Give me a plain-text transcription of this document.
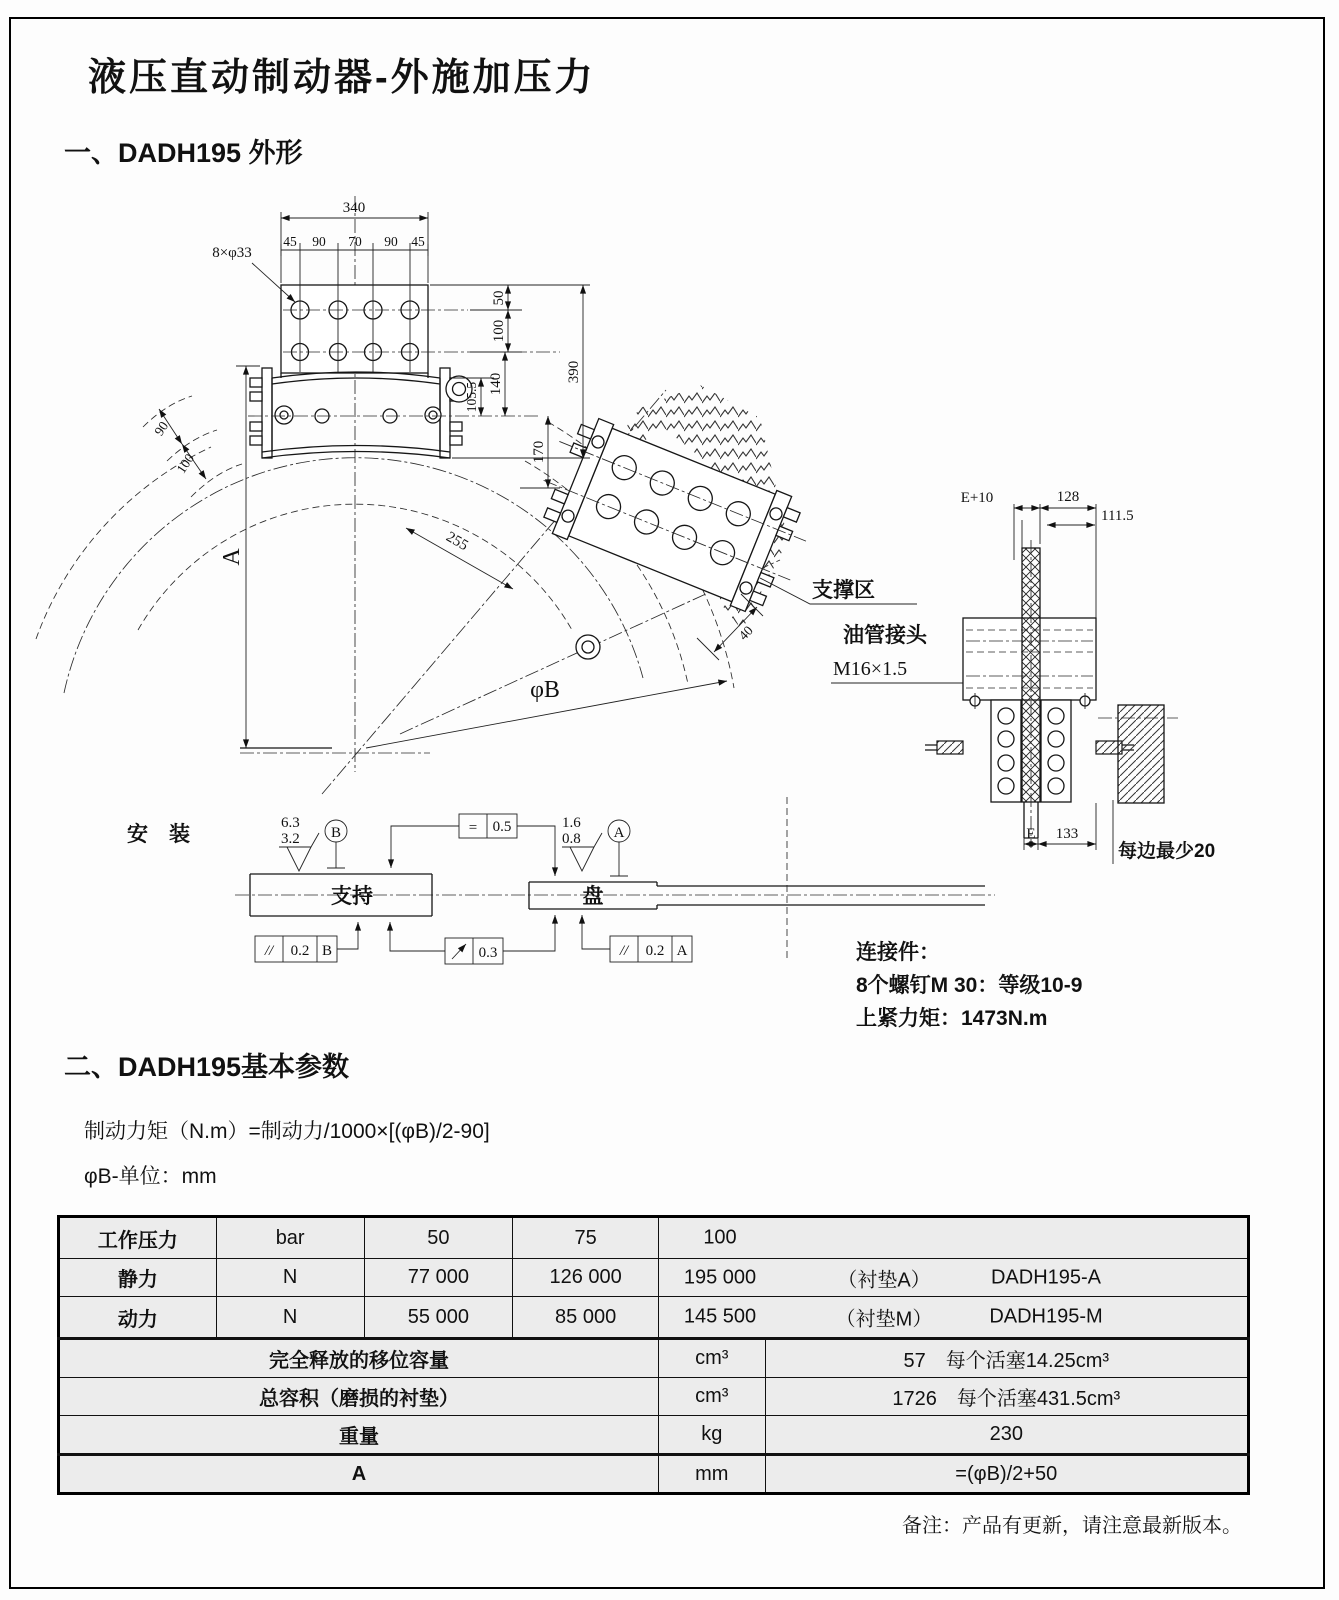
液压直动制动器-外施加压力
一、DADH195 外形
340
45 90 70 90 45
8×φ33
50
100
390
105.5 140
170
A
90
100
255
φB
40
支撑区
油管接头
M16×1.5
E+10	128
111.5
E 133
每边最少20
安　装
支持	盘
6.3
3.2 B	= 0.5	1.6
0.8 A
// 0.2 B	0.3	// 0.2 A	连接件：
8个螺钉M 30：等级10-9
上紧力矩：1473N.m
二、DADH195基本参数
制动力矩（N.m）=制动力/1000×[(φB)/2-90]
φB-单位：mm
工作压力	bar	50	75	100	

静力	N	77 000	126 000	195 000 （衬垫A） DADH195-A	

动力	N	55 000	85 000	145 500 （衬垫M） DADH195-M	

完全释放的移位容量				cm³	57　每个活塞14.25cm³
总容积（磨损的衬垫）				cm³	1726　每个活塞431.5cm³
重量				kg	230
A				mm	=(φB)/2+50
备注：产品有更新，请注意最新版本。
